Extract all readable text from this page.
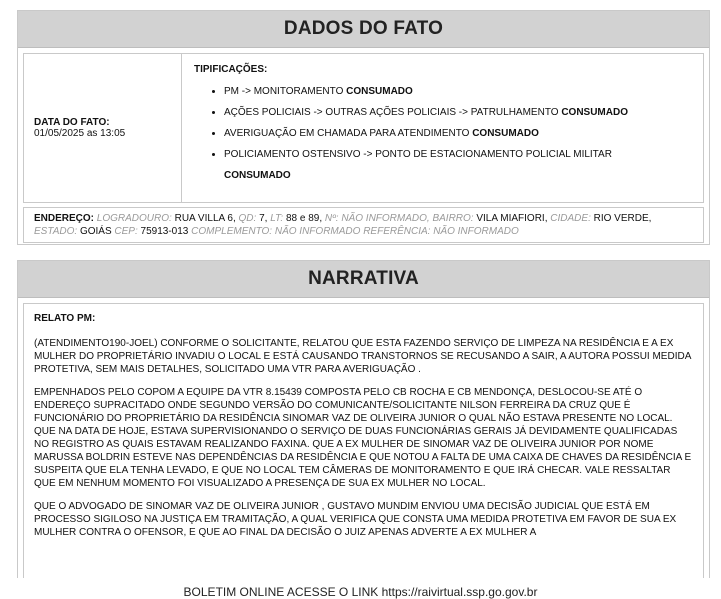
DADOS DO FATO
DATA DO FATO:
01/05/2025 as 13:05
TIPIFICAÇÕES:
• PM -> MONITORAMENTO CONSUMADO
• AÇÕES POLICIAIS -> OUTRAS AÇÕES POLICIAIS -> PATRULHAMENTO CONSUMADO
• AVERIGUAÇÃO EM CHAMADA PARA ATENDIMENTO CONSUMADO
• POLICIAMENTO OSTENSIVO -> PONTO DE ESTACIONAMENTO POLICIAL MILITAR
CONSUMADO
ENDEREÇO: LOGRADOURO: RUA VILLA 6, QD: 7, LT: 88 e 89, Nº: NÃO INFORMADO, BAIRRO: VILA MIAFIORI, CIDADE: RIO VERDE, ESTADO: GOIÁS CEP: 75913-013 COMPLEMENTO: NÃO INFORMADO REFERÊNCIA: NÃO INFORMADO
NARRATIVA
RELATO PM:

(ATENDIMENTO190-JOEL) CONFORME O SOLICITANTE, RELATOU QUE ESTA FAZENDO SERVIÇO DE LIMPEZA NA RESIDÊNCIA E A EX MULHER DO PROPRIETÁRIO INVADIU O LOCAL E ESTÁ CAUSANDO TRANSTORNOS SE RECUSANDO A SAIR, A AUTORA POSSUI MEDIDA PROTETIVA, SEM MAIS DETALHES, SOLICITADO UMA VTR PARA AVERIGUAÇÃO .

EMPENHADOS PELO COPOM A EQUIPE DA VTR 8.15439 COMPOSTA PELO CB ROCHA E CB MENDONÇA, DESLOCOU-SE ATÉ O ENDEREÇO SUPRACITADO ONDE SEGUNDO VERSÃO DO COMUNICANTE/SOLICITANTE NILSON FERREIRA DA CRUZ QUE É FUNCIONÁRIO DO PROPRIETÁRIO DA RESIDÊNCIA SINOMAR VAZ DE OLIVEIRA JUNIOR O QUAL NÃO ESTAVA PRESENTE NO LOCAL. QUE NA DATA DE HOJE, ESTAVA SUPERVISIONANDO O SERVIÇO DE DUAS FUNCIONÁRIAS GERAIS JÁ DEVIDAMENTE QUALIFICADAS NO REGISTRO AS QUAIS ESTAVAM REALIZANDO FAXINA. QUE A EX MULHER DE SINOMAR VAZ DE OLIVEIRA JUNIOR POR NOME MARUSSA BOLDRIN ESTEVE NAS DEPENDÊNCIAS DA RESIDÊNCIA E QUE NOTOU A FALTA DE UMA CAIXA DE CHAVES DA RESIDÊNCIA E SUSPEITA QUE ELA TENHA LEVADO, E QUE NO LOCAL TEM CÂMERAS DE MONITORAMENTO E QUE IRÁ CHECAR. VALE RESSALTAR QUE EM NENHUM MOMENTO FOI VISUALIZADO A PRESENÇA DE SUA EX MULHER NO LOCAL.

QUE O ADVOGADO DE SINOMAR VAZ DE OLIVEIRA JUNIOR , GUSTAVO MUNDIM ENVIOU UMA DECISÃO JUDICIAL QUE ESTÁ EM PROCESSO SIGILOSO NA JUSTIÇA EM TRAMITAÇÃO, A QUAL VERIFICA QUE CONSTA UMA MEDIDA PROTETIVA EM FAVOR DE SUA EX MULHER CONTRA O OFENSOR, E QUE AO FINAL DA DECISÃO O JUIZ APENAS ADVERTE A EX MULHER A

BOLETIM ONLINE ACESSE O LINK https://raivirtual.ssp.go.gov.br
